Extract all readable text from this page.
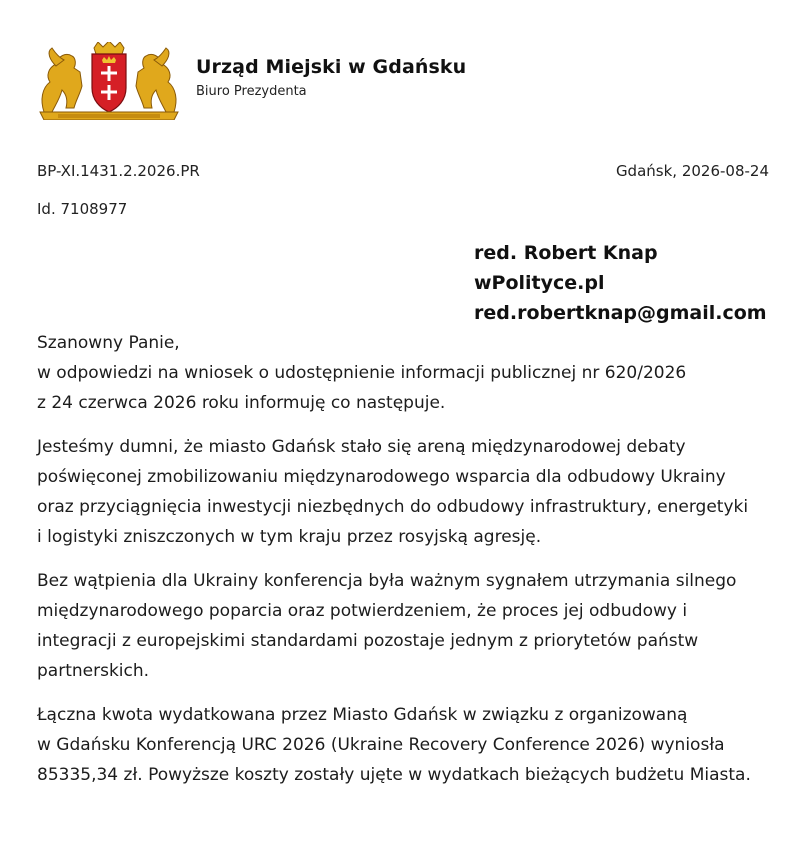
Urząd Miejski w Gdańsku
Biuro Prezydenta
BP-XI.1431.2.2026.PR
Id. 7108977
Gdańsk, 2026-08-24
red. Robert Knap
wPolityce.pl
red.robertknap@gmail.com

Szanowny Panie,

w odpowiedzi na wniosek o udostępnienie informacji publicznej nr 620/2026

z 24 czerwca 2026 roku informuję co następuje.

Jesteśmy dumni, że miasto Gdańsk stało się areną międzynarodowej debaty

poświęconej zmobilizowaniu międzynarodowego wsparcia dla odbudowy Ukrainy

oraz przyciągnięcia inwestycji niezbędnych do odbudowy infrastruktury, energetyki

i logistyki zniszczonych w tym kraju przez rosyjską agresję.

Bez wątpienia dla Ukrainy konferencja była ważnym sygnałem utrzymania silnego

międzynarodowego poparcia oraz potwierdzeniem, że proces jej odbudowy i

integracji z europejskimi standardami pozostaje jednym z priorytetów państw

partnerskich.

Łączna kwota wydatkowana przez Miasto Gdańsk w związku z organizowaną

w Gdańsku Konferencją URC 2026 (Ukraine Recovery Conference 2026) wyniosła

85335,34 zł. Powyższe koszty zostały ujęte w wydatkach bieżących budżetu Miasta.
